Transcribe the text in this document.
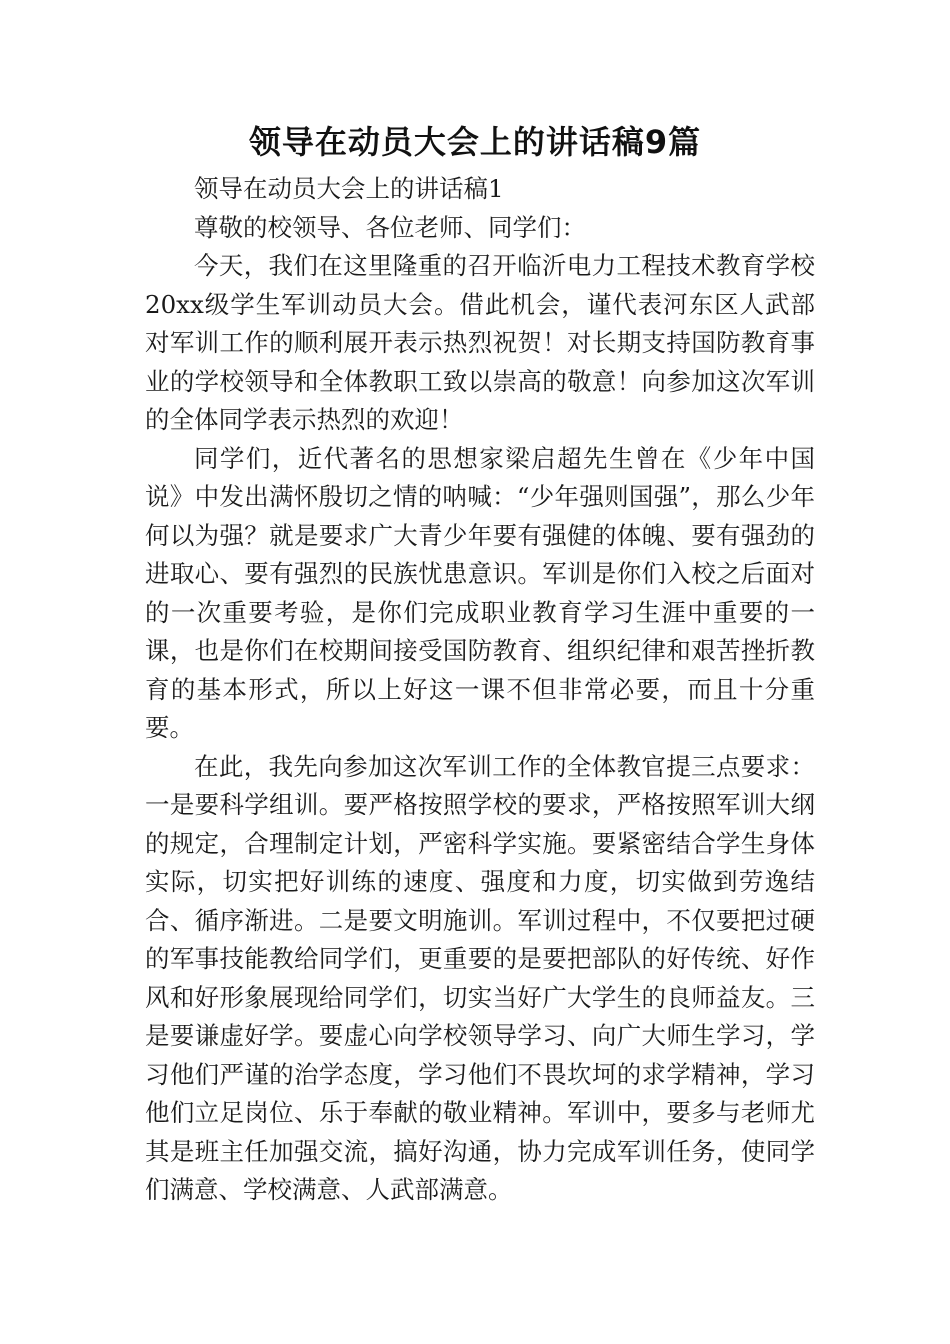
领导在动员大会上的讲话稿9篇

领导在动员大会上的讲话稿1

尊敬的校领导、各位老师、同学们：

今天，我们在这里隆重的召开临沂电力工程技术教育学校20xx级学生军训动员大会。借此机会，谨代表河东区人武部对军训工作的顺利展开表示热烈祝贺！对长期支持国防教育事业的学校领导和全体教职工致以崇高的敬意！向参加这次军训的全体同学表示热烈的欢迎！

同学们，近代著名的思想家梁启超先生曾在《少年中国说》中发出满怀殷切之情的呐喊：“少年强则国强”，那么少年何以为强？就是要求广大青少年要有强健的体魄、要有强劲的进取心、要有强烈的民族忧患意识。军训是你们入校之后面对的一次重要考验，是你们完成职业教育学习生涯中重要的一课，也是你们在校期间接受国防教育、组织纪律和艰苦挫折教育的基本形式，所以上好这一课不但非常必要，而且十分重要。

在此，我先向参加这次军训工作的全体教官提三点要求：一是要科学组训。要严格按照学校的要求，严格按照军训大纲的规定，合理制定计划，严密科学实施。要紧密结合学生身体实际，切实把好训练的速度、强度和力度，切实做到劳逸结合、循序渐进。二是要文明施训。军训过程中，不仅要把过硬的军事技能教给同学们，更重要的是要把部队的好传统、好作风和好形象展现给同学们，切实当好广大学生的良师益友。三是要谦虚好学。要虚心向学校领导学习、向广大师生学习，学习他们严谨的治学态度，学习他们不畏坎坷的求学精神，学习他们立足岗位、乐于奉献的敬业精神。军训中，要多与老师尤其是班主任加强交流，搞好沟通，协力完成军训任务，使同学们满意、学校满意、人武部满意。
